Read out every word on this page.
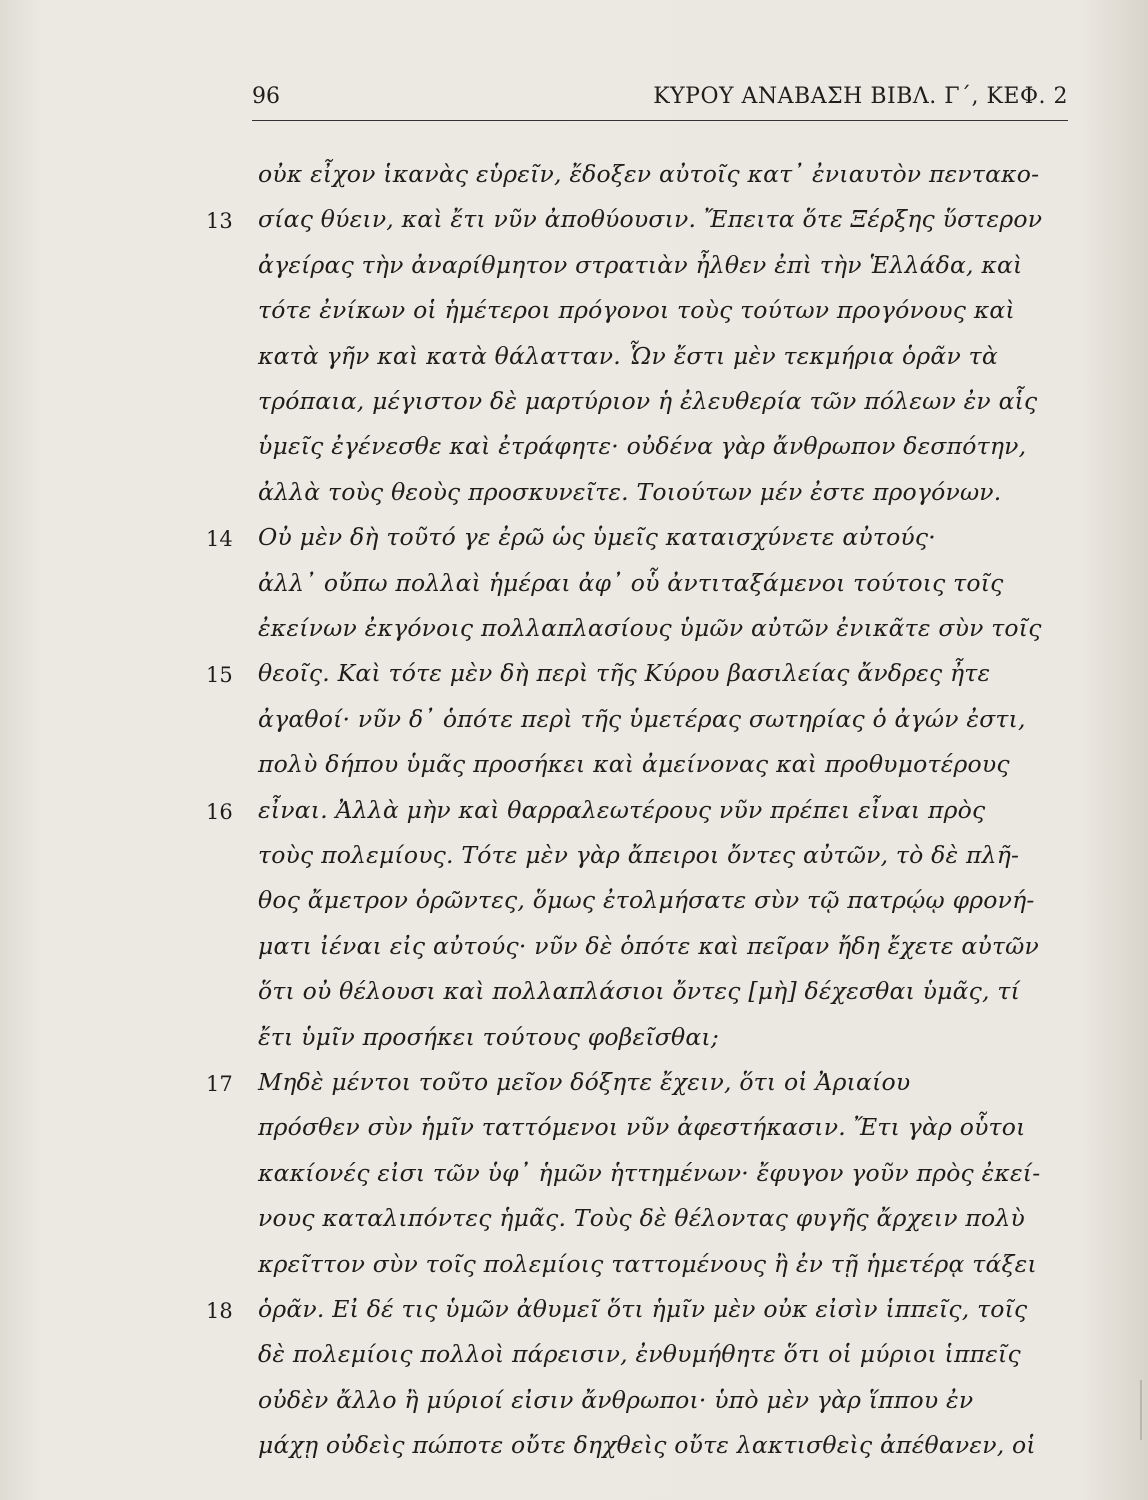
96	ΚΥΡΟΥ ΑΝΑΒΑΣΗ ΒΙΒΛ. Γ΄, ΚΕΦ. 2
οὐκ εἶχον ἱκανὰς εὑρεῖν, ἔδοξεν αὐτοῖς κατ᾽ ἐνιαυτὸν πεντακο-
σίας θύειν, καὶ ἔτι νῦν ἀποθύουσιν. Ἔπειτα ὅτε Ξέρξης ὕστερον
13
ἀγείρας τὴν ἀναρίθμητον στρατιὰν ἦλθεν ἐπὶ τὴν Ἑλλάδα, καὶ
τότε ἐνίκων οἱ ἡμέτεροι πρόγονοι τοὺς τούτων προγόνους καὶ
κατὰ γῆν καὶ κατὰ θάλατταν. Ὧν ἔστι μὲν τεκμήρια ὁρᾶν τὰ
τρόπαια, μέγιστον δὲ μαρτύριον ἡ ἐλευθερία τῶν πόλεων ἐν αἷς
ὑμεῖς ἐγένεσθε καὶ ἐτράφητε· οὐδένα γὰρ ἄνθρωπον δεσπότην,
ἀλλὰ τοὺς θεοὺς προσκυνεῖτε. Τοιούτων μέν ἐστε προγόνων.
Οὐ μὲν δὴ τοῦτό γε ἐρῶ ὡς ὑμεῖς καταισχύνετε αὐτούς·
14
ἀλλ᾽ οὔπω πολλαὶ ἡμέραι ἀφ᾽ οὗ ἀντιταξάμενοι τούτοις τοῖς
ἐκείνων ἐκγόνοις πολλαπλασίους ὑμῶν αὐτῶν ἐνικᾶτε σὺν τοῖς
θεοῖς. Καὶ τότε μὲν δὴ περὶ τῆς Κύρου βασιλείας ἄνδρες ἦτε
15
ἀγαθοί· νῦν δ᾽ ὁπότε περὶ τῆς ὑμετέρας σωτηρίας ὁ ἀγών ἐστι,
πολὺ δήπου ὑμᾶς προσήκει καὶ ἀμείνονας καὶ προθυμοτέρους
εἶναι. Ἀλλὰ μὴν καὶ θαρραλεωτέρους νῦν πρέπει εἶναι πρὸς
16
τοὺς πολεμίους. Τότε μὲν γὰρ ἄπειροι ὄντες αὐτῶν, τὸ δὲ πλῆ-
θος ἄμετρον ὁρῶντες, ὅμως ἐτολμήσατε σὺν τῷ πατρῴῳ φρονή-
ματι ἰέναι εἰς αὐτούς· νῦν δὲ ὁπότε καὶ πεῖραν ἤδη ἔχετε αὐτῶν
ὅτι οὐ θέλουσι καὶ πολλαπλάσιοι ὄντες [μὴ] δέχεσθαι ὑμᾶς, τί
ἔτι ὑμῖν προσήκει τούτους φοβεῖσθαι;
Μηδὲ μέντοι τοῦτο μεῖον δόξητε ἔχειν, ὅτι οἱ Ἀριαίου
17
πρόσθεν σὺν ἡμῖν ταττόμενοι νῦν ἀφεστήκασιν. Ἔτι γὰρ οὗτοι
κακίονές εἰσι τῶν ὑφ᾽ ἡμῶν ἡττημένων· ἔφυγον γοῦν πρὸς ἐκεί-
νους καταλιπόντες ἡμᾶς. Τοὺς δὲ θέλοντας φυγῆς ἄρχειν πολὺ
κρεῖττον σὺν τοῖς πολεμίοις ταττομένους ἢ ἐν τῇ ἡμετέρᾳ τάξει
ὁρᾶν. Εἰ δέ τις ὑμῶν ἀθυμεῖ ὅτι ἡμῖν μὲν οὐκ εἰσὶν ἱππεῖς, τοῖς
18
δὲ πολεμίοις πολλοὶ πάρεισιν, ἐνθυμήθητε ὅτι οἱ μύριοι ἱππεῖς
οὐδὲν ἄλλο ἢ μύριοί εἰσιν ἄνθρωποι· ὑπὸ μὲν γὰρ ἵππου ἐν
μάχῃ οὐδεὶς πώποτε οὔτε δηχθεὶς οὔτε λακτισθεὶς ἀπέθανεν, οἱ
